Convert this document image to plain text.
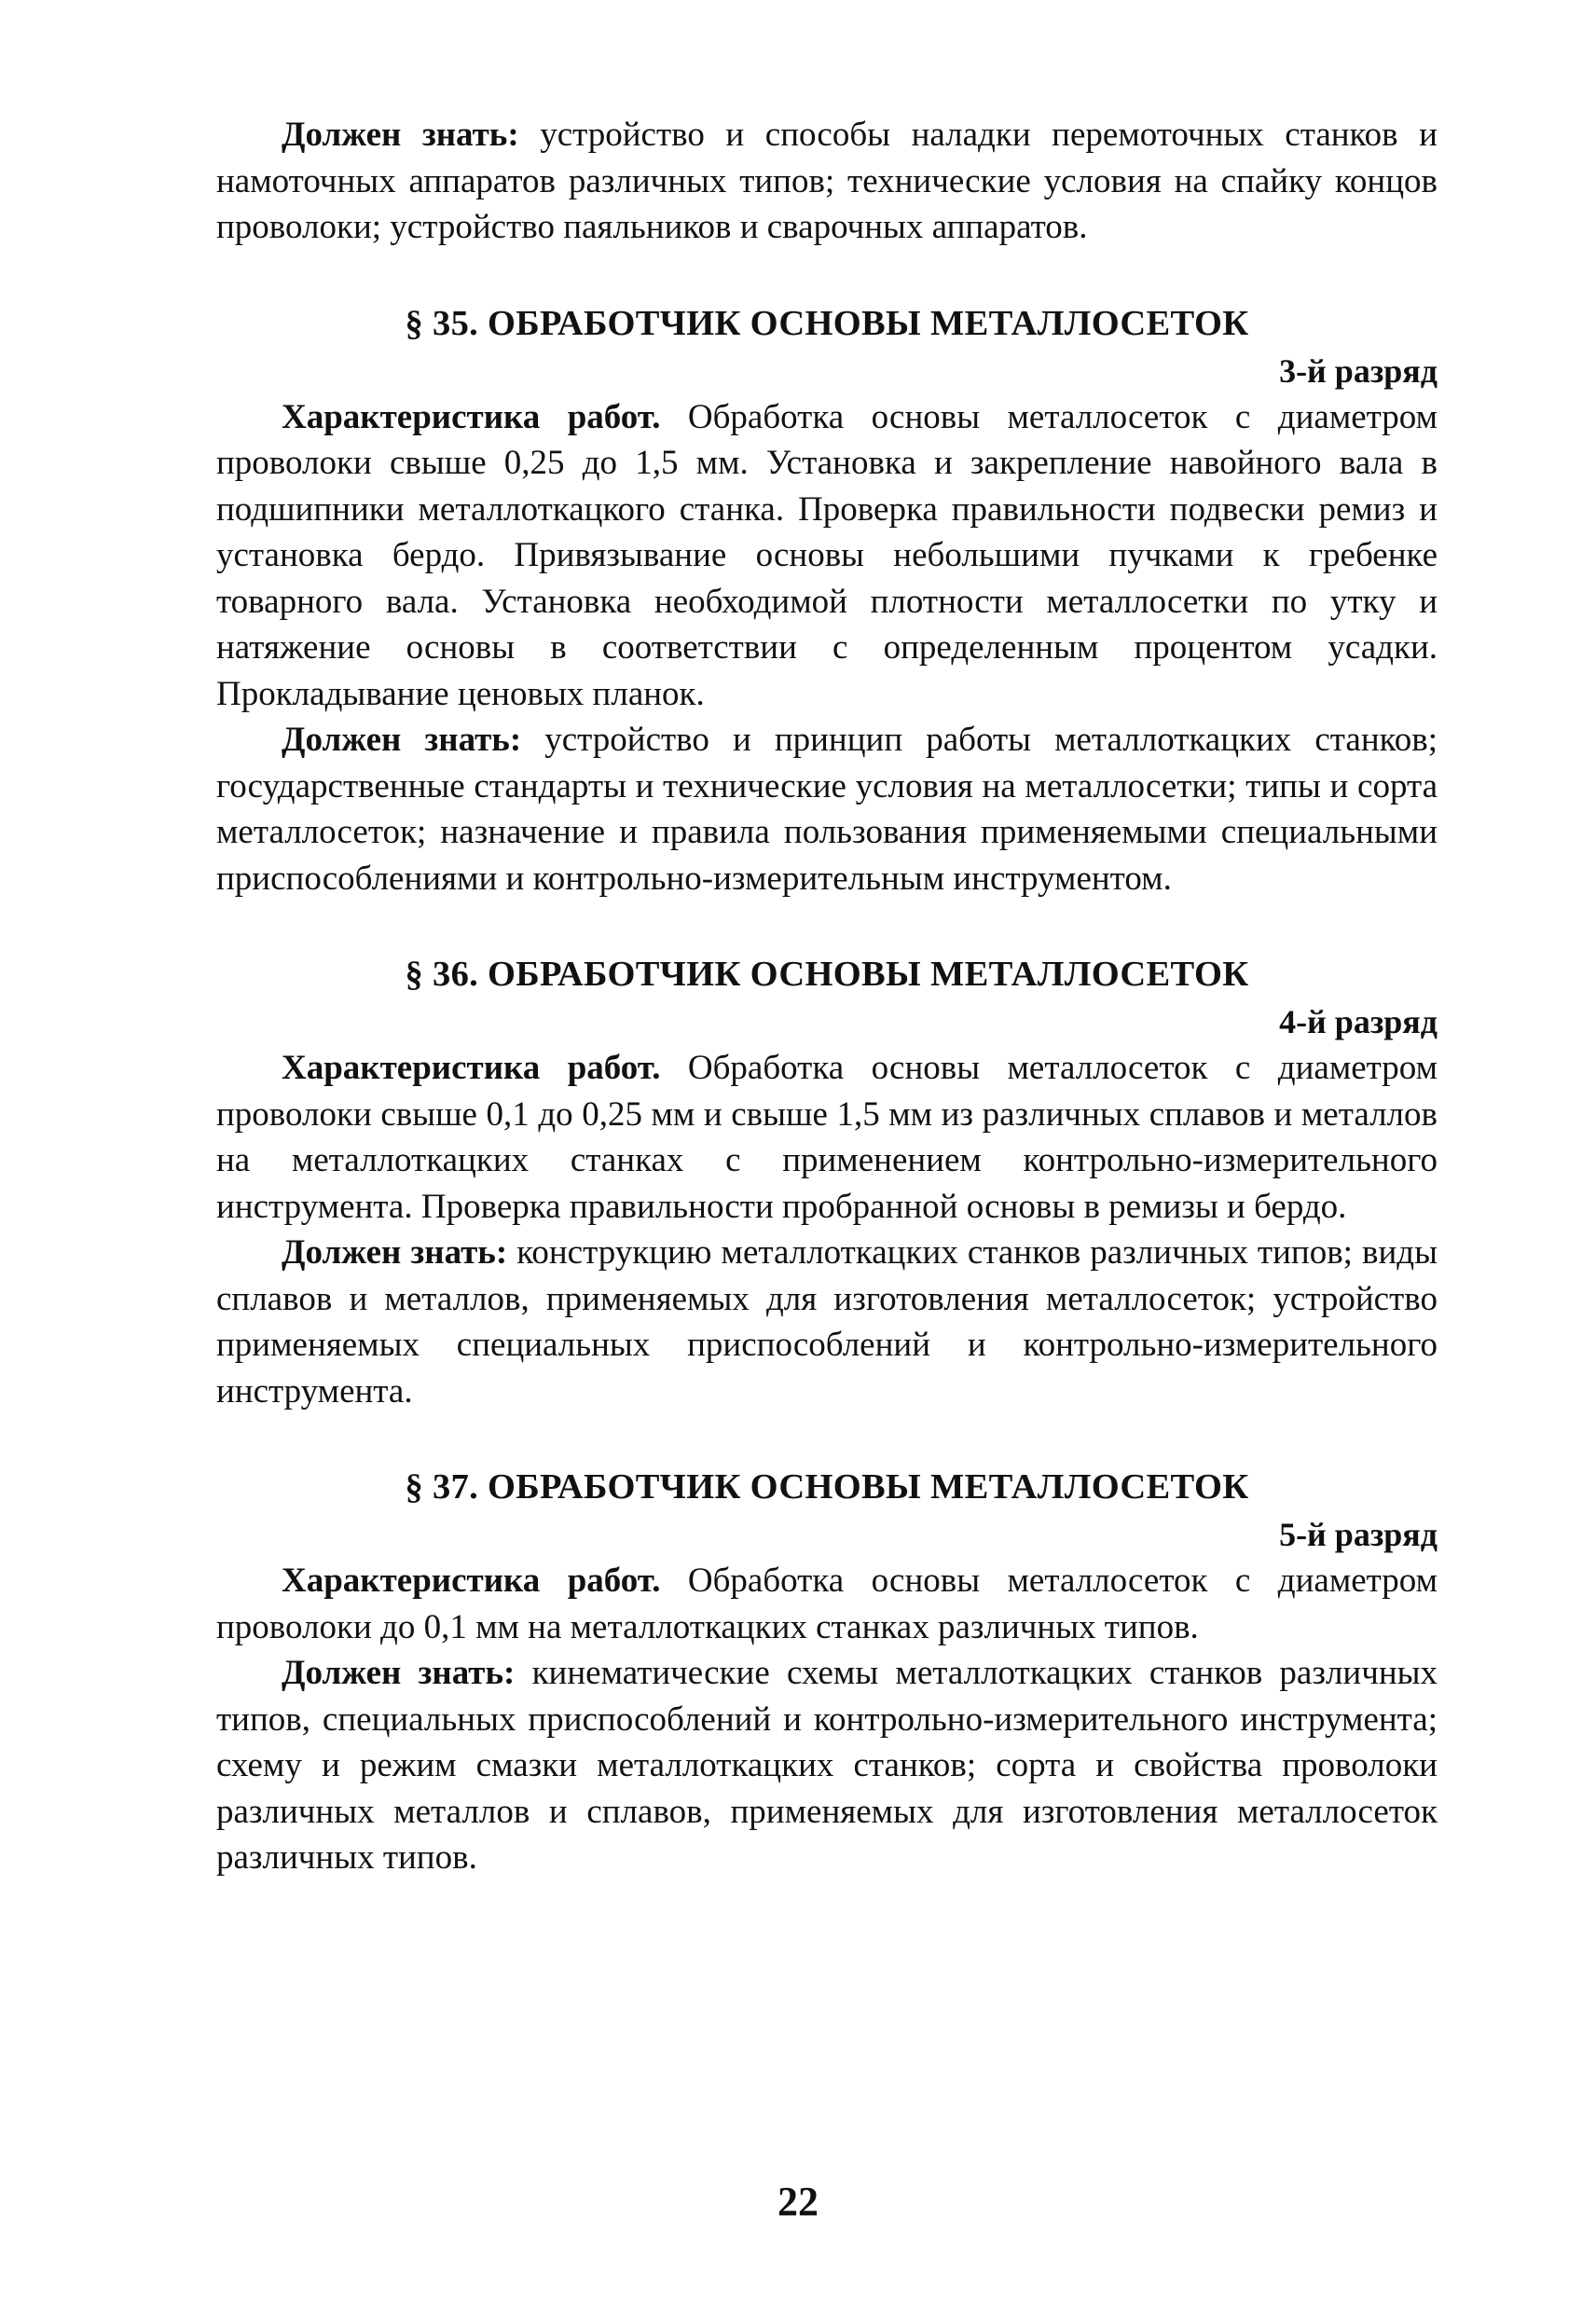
Должен знать: устройство и способы наладки перемоточных станков и намоточных аппаратов различных типов; технические условия на спайку концов проволоки; устройство паяльников и сварочных аппаратов.

§ 35. ОБРАБОТЧИК ОСНОВЫ МЕТАЛЛОСЕТОК

3-й разряд

Характеристика работ. Обработка основы металлосеток с диаметром проволоки свыше 0,25 до 1,5 мм. Установка и закрепление навойного вала в подшипники металлоткацкого станка. Проверка правильности подвески ремиз и установка бердо. Привязывание основы небольшими пучками к гребенке товарного вала. Установка необходимой плотности металлосетки по утку и натяжение основы в соответствии с определенным процентом усадки. Прокладывание ценовых планок.

Должен знать: устройство и принцип работы металлоткацких станков; государственные стандарты и технические условия на металлосетки; типы и сорта металлосеток; назначение и правила пользования применяемыми специальными приспособлениями и контрольно-измерительным инструментом.

§ 36. ОБРАБОТЧИК ОСНОВЫ МЕТАЛЛОСЕТОК

4-й разряд

Характеристика работ. Обработка основы металлосеток с диаметром проволоки свыше 0,1 до 0,25 мм и свыше 1,5 мм из различных сплавов и металлов на металлоткацких станках с применением контрольно-измерительного инструмента. Проверка правильности пробранной основы в ремизы и бердо.

Должен знать: конструкцию металлоткацких станков различных типов; виды сплавов и металлов, применяемых для изготовления металлосеток; устройство применяемых специальных приспособлений и контрольно-измерительного инструмента.

§ 37. ОБРАБОТЧИК ОСНОВЫ МЕТАЛЛОСЕТОК

5-й разряд

Характеристика работ. Обработка основы металлосеток с диаметром проволоки до 0,1 мм на металлоткацких станках различных типов.

Должен знать: кинематические схемы металлоткацких станков различных типов, специальных приспособлений и контрольно-измерительного инструмента; схему и режим смазки металлоткацких станков; сорта и свойства проволоки различных металлов и сплавов, применяемых для изготовления металлосеток различных типов.

22
